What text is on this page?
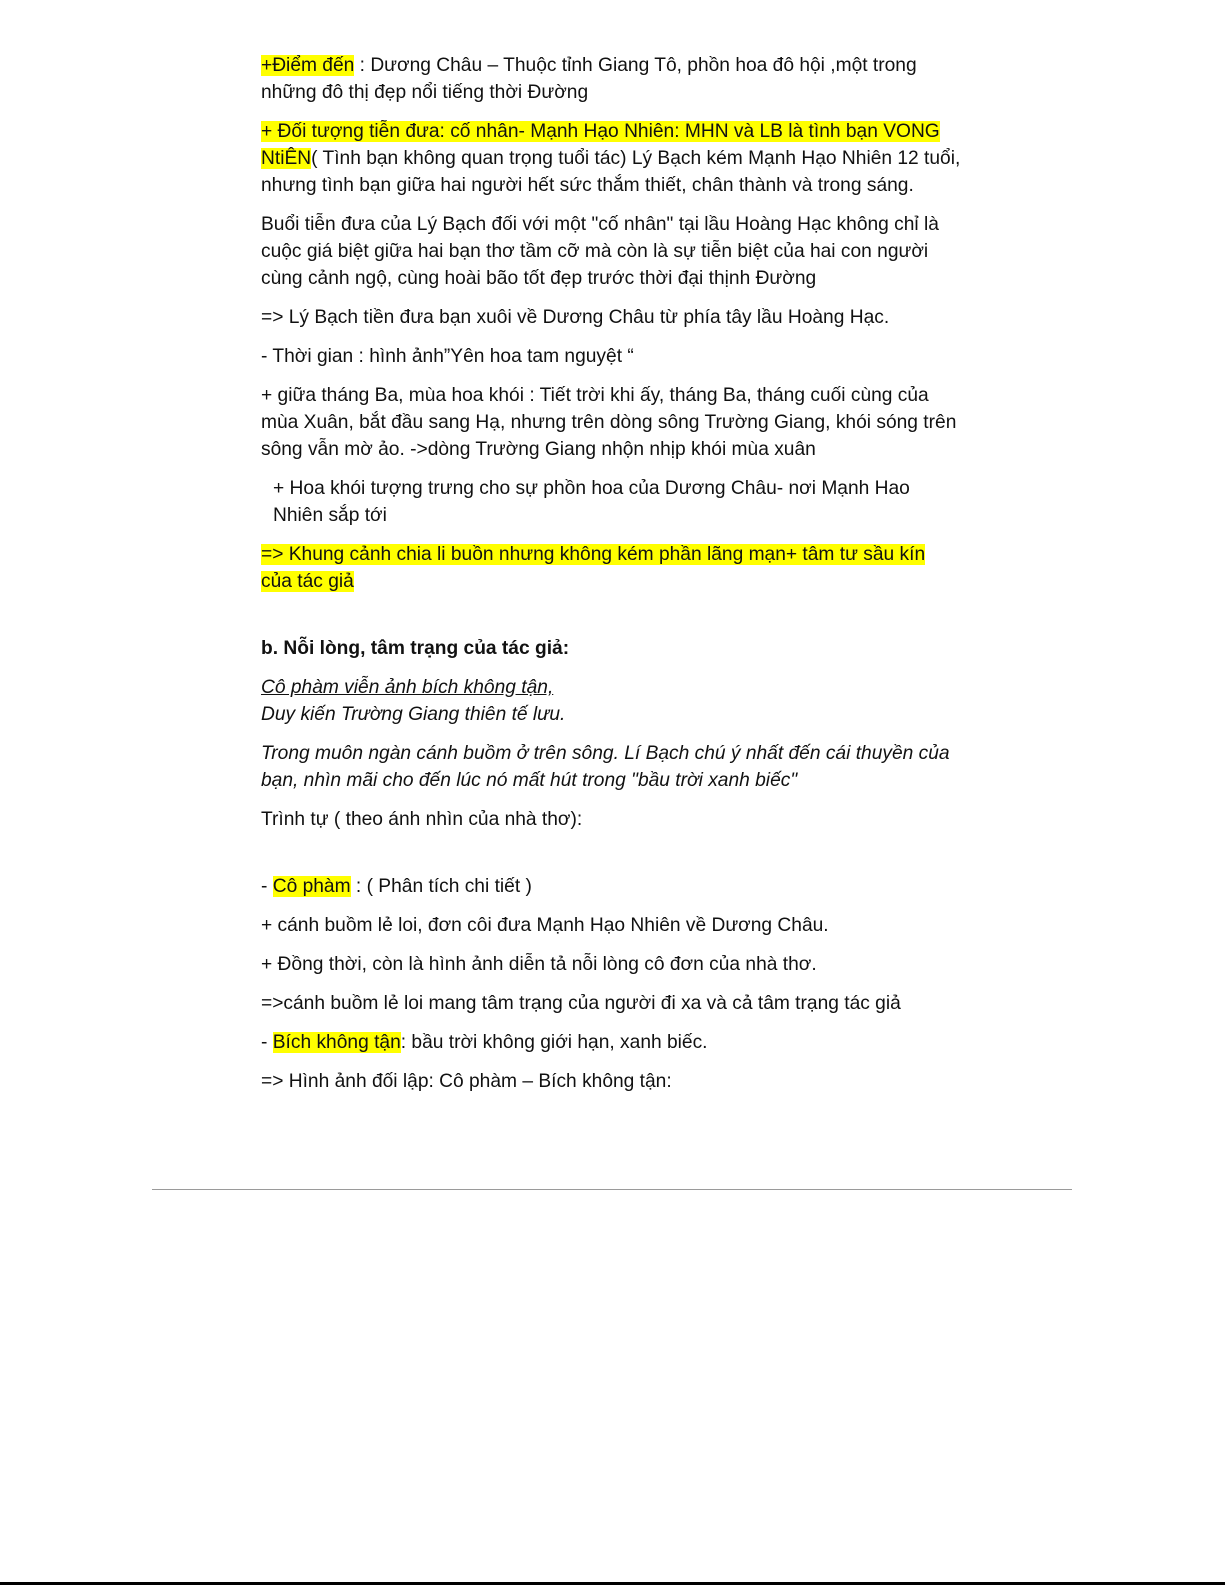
+Điểm đến : Dương Châu – Thuộc tỉnh Giang Tô, phồn hoa đô hội ,một trong những đô thị đẹp nổi tiếng thời Đường

+ Đối tượng tiễn đưa: cố nhân- Mạnh Hạo Nhiên: MHN và LB là tình bạn VONG NtiÊN( Tình bạn không quan trọng tuổi tác) Lý Bạch kém Mạnh Hạo Nhiên 12 tuổi, nhưng tình bạn giữa hai người hết sức thắm thiết, chân thành và trong sáng.

Buổi tiễn đưa của Lý Bạch đối với một "cố nhân" tại lầu Hoàng Hạc không chỉ là cuộc giá biệt giữa hai bạn thơ tầm cỡ mà còn là sự tiễn biệt của hai con người cùng cảnh ngộ, cùng hoài bão tốt đẹp trước thời đại thịnh Đường

=> Lý Bạch tiền đưa bạn xuôi về Dương Châu từ phía tây lầu Hoàng Hạc.

- Thời gian : hình ảnh”Yên hoa tam nguyệt “

+ giữa tháng Ba, mùa hoa khói : Tiết trời khi ấy, tháng Ba, tháng cuối cùng của mùa Xuân, bắt đầu sang Hạ, nhưng trên dòng sông Trường Giang, khói sóng trên sông vẫn mờ ảo. ->dòng Trường Giang nhộn nhịp khói mùa xuân

+ Hoa khói tượng trưng cho sự phồn hoa của Dương Châu- nơi Mạnh Hao Nhiên sắp tới

=> Khung cảnh chia li buồn nhưng không kém phần lãng mạn+ tâm tư sầu kín của tác giả

b. Nỗi lòng, tâm trạng của tác giả:

Cô phàm viễn ảnh bích không tận,

Duy kiến Trường Giang thiên tế lưu.

Trong muôn ngàn cánh buồm ở trên sông. Lí Bạch chú ý nhất đến cái thuyền của bạn, nhìn mãi cho đến lúc nó mất hút trong "bầu trời xanh biếc"

Trình tự ( theo ánh nhìn của nhà thơ):

- Cô phàm : ( Phân tích chi tiết )

+ cánh buồm lẻ loi, đơn côi đưa Mạnh Hạo Nhiên về Dương Châu.

+ Đồng thời, còn là hình ảnh diễn tả nỗi lòng cô đơn của nhà thơ.

=>cánh buồm lẻ loi mang tâm trạng của người đi xa và cả tâm trạng tác giả

- Bích không tận: bầu trời không giới hạn, xanh biếc.

=> Hình ảnh đối lập: Cô phàm – Bích không tận:
